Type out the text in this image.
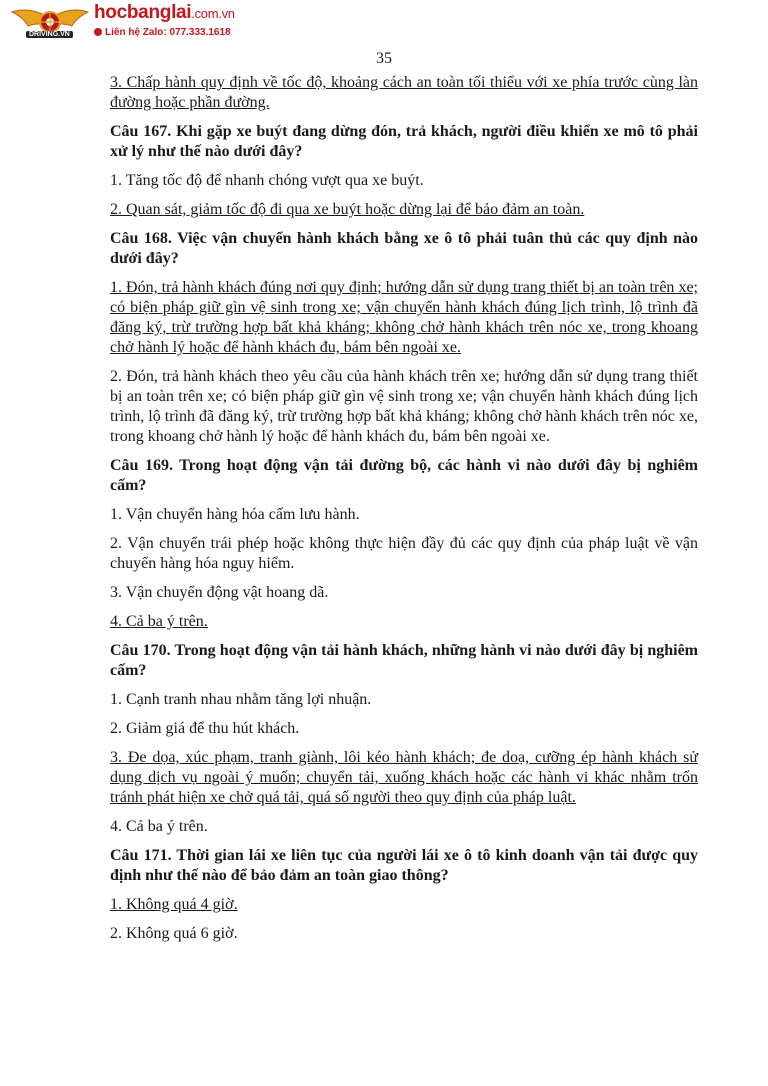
DRIVING.VN
hocbanglai.com.vn
Liên hệ Zalo: 077.333.1618
35

3. Chấp hành quy định về tốc độ, khoảng cách an toàn tối thiểu với xe phía trước cùng làn đường hoặc phần đường.

Câu 167. Khi gặp xe buýt đang dừng đón, trả khách, người điều khiển xe mô tô phải xử lý như thế nào dưới đây?

1. Tăng tốc độ để nhanh chóng vượt qua xe buýt.

2. Quan sát, giảm tốc độ đi qua xe buýt hoặc dừng lại để bảo đảm an toàn.

Câu 168. Việc vận chuyển hành khách bằng xe ô tô phải tuân thủ các quy định nào dưới đây?

1. Đón, trả hành khách đúng nơi quy định; hướng dẫn sử dụng trang thiết bị an toàn trên xe; có biện pháp giữ gìn vệ sinh trong xe; vận chuyển hành khách đúng lịch trình, lộ trình đã đăng ký, trừ trường hợp bất khả kháng; không chở hành khách trên nóc xe, trong khoang chở hành lý hoặc để hành khách đu, bám bên ngoài xe.

2. Đón, trả hành khách theo yêu cầu của hành khách trên xe; hướng dẫn sử dụng trang thiết bị an toàn trên xe; có biện pháp giữ gìn vệ sinh trong xe; vận chuyển hành khách đúng lịch trình, lộ trình đã đăng ký, trừ trường hợp bất khả kháng; không chở hành khách trên nóc xe, trong khoang chở hành lý hoặc để hành khách đu, bám bên ngoài xe.

Câu 169. Trong hoạt động vận tải đường bộ, các hành vi nào dưới đây bị nghiêm cấm?

1. Vận chuyển hàng hóa cấm lưu hành.

2. Vận chuyển trái phép hoặc không thực hiện đầy đủ các quy định của pháp luật về vận chuyển hàng hóa nguy hiểm.

3. Vận chuyển động vật hoang dã.

4. Cả ba ý trên.

Câu 170. Trong hoạt động vận tải hành khách, những hành vi nào dưới đây bị nghiêm cấm?

1. Cạnh tranh nhau nhằm tăng lợi nhuận.

2. Giảm giá để thu hút khách.

3. Đe dọa, xúc phạm, tranh giành, lôi kéo hành khách; đe doạ, cưỡng ép hành khách sử dụng dịch vụ ngoài ý muốn; chuyển tải, xuống khách hoặc các hành vi khác nhằm trốn tránh phát hiện xe chở quá tải, quá số người theo quy định của pháp luật.

4. Cả ba ý trên.

Câu 171. Thời gian lái xe liên tục của người lái xe ô tô kinh doanh vận tải được quy định như thế nào để bảo đảm an toàn giao thông?

1. Không quá 4 giờ.

2. Không quá 6 giờ.
